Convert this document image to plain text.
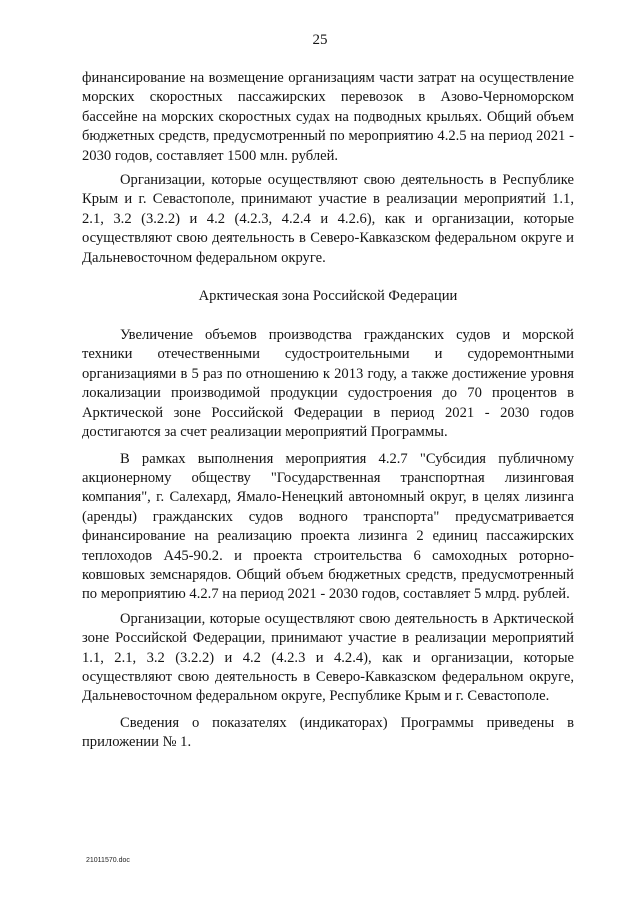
25

финансирование на возмещение организациям части затрат на осуществление морских скоростных пассажирских перевозок в Азово-Черноморском бассейне на морских скоростных судах на подводных крыльях. Общий объем бюджетных средств, предусмотренный по мероприятию 4.2.5 на период 2021 - 2030 годов, составляет 1500 млн. рублей.

Организации, которые осуществляют свою деятельность в Республике Крым и г. Севастополе, принимают участие в реализации мероприятий 1.1, 2.1, 3.2 (3.2.2) и 4.2 (4.2.3, 4.2.4 и 4.2.6), как и организации, которые осуществляют свою деятельность в Северо-Кавказском федеральном округе и Дальневосточном федеральном округе.

Арктическая зона Российской Федерации

Увеличение объемов производства гражданских судов и морской техники отечественными судостроительными и судоремонтными организациями в 5 раз по отношению к 2013 году, а также достижение уровня локализации производимой продукции судостроения до 70 процентов в Арктической зоне Российской Федерации в период 2021 - 2030 годов достигаются за счет реализации мероприятий Программы.

В рамках выполнения мероприятия 4.2.7 "Субсидия публичному акционерному обществу "Государственная транспортная лизинговая компания", г. Салехард, Ямало-Ненецкий автономный округ, в целях лизинга (аренды) гражданских судов водного транспорта" предусматривается финансирование на реализацию проекта лизинга 2 единиц пассажирских теплоходов А45-90.2. и проекта строительства 6 самоходных роторно-ковшовых земснарядов. Общий объем бюджетных средств, предусмотренный по мероприятию 4.2.7 на период 2021 - 2030 годов, составляет 5 млрд. рублей.

Организации, которые осуществляют свою деятельность в Арктической зоне Российской Федерации, принимают участие в реализации мероприятий 1.1, 2.1, 3.2 (3.2.2) и 4.2 (4.2.3 и 4.2.4), как и организации, которые осуществляют свою деятельность в Северо-Кавказском федеральном округе, Дальневосточном федеральном округе, Республике Крым и г. Севастополе.

Сведения о показателях (индикаторах) Программы приведены в приложении № 1.

21011570.doc
